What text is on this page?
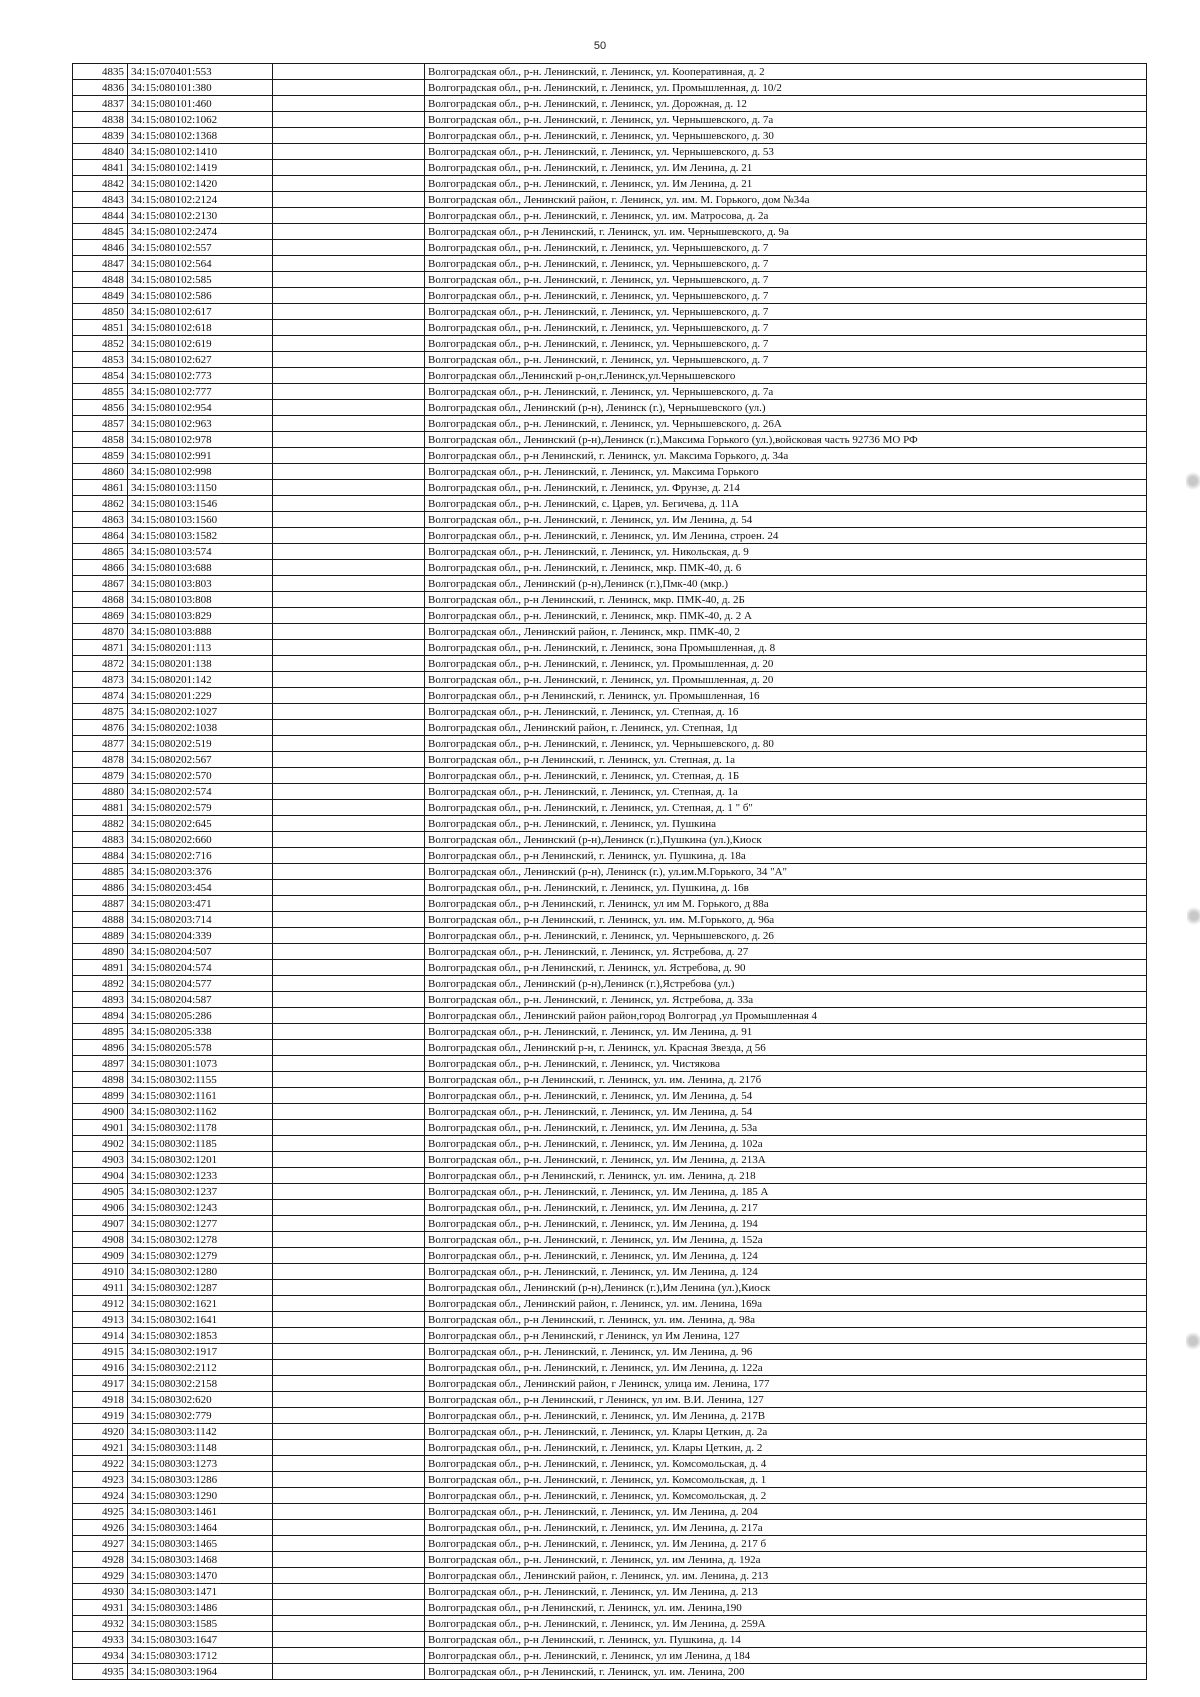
50
4835	34:15:070401:553		Волгоградская обл., р-н. Ленинский, г. Ленинск, ул. Кооперативная, д. 2
4836	34:15:080101:380		Волгоградская обл., р-н. Ленинский, г. Ленинск, ул. Промышленная, д. 10/2
4837	34:15:080101:460		Волгоградская обл., р-н. Ленинский, г. Ленинск, ул. Дорожная, д. 12
4838	34:15:080102:1062		Волгоградская обл., р-н. Ленинский, г. Ленинск, ул. Чернышевского, д. 7а
4839	34:15:080102:1368		Волгоградская обл., р-н. Ленинский, г. Ленинск, ул. Чернышевского, д. 30
4840	34:15:080102:1410		Волгоградская обл., р-н. Ленинский, г. Ленинск, ул. Чернышевского, д. 53
4841	34:15:080102:1419		Волгоградская обл., р-н. Ленинский, г. Ленинск, ул. Им Ленина, д. 21
4842	34:15:080102:1420		Волгоградская обл., р-н. Ленинский, г. Ленинск, ул. Им Ленина, д. 21
4843	34:15:080102:2124		Волгоградская обл., Ленинский район, г. Ленинск, ул. им. М. Горького, дом №34а
4844	34:15:080102:2130		Волгоградская обл., р-н. Ленинский, г. Ленинск, ул. им. Матросова, д. 2а
4845	34:15:080102:2474		Волгоградская обл., р-н Ленинский, г. Ленинск, ул. им. Чернышевского, д. 9а
4846	34:15:080102:557		Волгоградская обл., р-н. Ленинский, г. Ленинск, ул. Чернышевского, д. 7
4847	34:15:080102:564		Волгоградская обл., р-н. Ленинский, г. Ленинск, ул. Чернышевского, д. 7
4848	34:15:080102:585		Волгоградская обл., р-н. Ленинский, г. Ленинск, ул. Чернышевского, д. 7
4849	34:15:080102:586		Волгоградская обл., р-н. Ленинский, г. Ленинск, ул. Чернышевского, д. 7
4850	34:15:080102:617		Волгоградская обл., р-н. Ленинский, г. Ленинск, ул. Чернышевского, д. 7
4851	34:15:080102:618		Волгоградская обл., р-н. Ленинский, г. Ленинск, ул. Чернышевского, д. 7
4852	34:15:080102:619		Волгоградская обл., р-н. Ленинский, г. Ленинск, ул. Чернышевского, д. 7
4853	34:15:080102:627		Волгоградская обл., р-н. Ленинский, г. Ленинск, ул. Чернышевского, д. 7
4854	34:15:080102:773		Волгоградская обл.,Ленинский р-он,г.Ленинск,ул.Чернышевского
4855	34:15:080102:777		Волгоградская обл., р-н. Ленинский, г. Ленинск, ул. Чернышевского, д. 7а
4856	34:15:080102:954		Волгоградская обл., Ленинский (р-н), Ленинск (г.), Чернышевского (ул.)
4857	34:15:080102:963		Волгоградская обл., р-н. Ленинский, г. Ленинск, ул. Чернышевского, д. 26А
4858	34:15:080102:978		Волгоградская обл., Ленинский (р-н),Ленинск (г.),Максима Горького (ул.),войсковая часть 92736 МО РФ
4859	34:15:080102:991		Волгоградская обл., р-н Ленинский, г. Ленинск, ул. Максима Горького, д. 34а
4860	34:15:080102:998		Волгоградская обл., р-н. Ленинский, г. Ленинск, ул. Максима Горького
4861	34:15:080103:1150		Волгоградская обл., р-н. Ленинский, г. Ленинск, ул. Фрунзе, д. 214
4862	34:15:080103:1546		Волгоградская обл., р-н. Ленинский, с. Царев, ул. Бегичева, д. 11А
4863	34:15:080103:1560		Волгоградская обл., р-н. Ленинский, г. Ленинск, ул. Им Ленина, д. 54
4864	34:15:080103:1582		Волгоградская обл., р-н. Ленинский, г. Ленинск, ул. Им Ленина, строен. 24
4865	34:15:080103:574		Волгоградская обл., р-н. Ленинский, г. Ленинск, ул. Никольская, д. 9
4866	34:15:080103:688		Волгоградская обл., р-н. Ленинский, г. Ленинск, мкр. ПМК-40, д. 6
4867	34:15:080103:803		Волгоградская обл., Ленинский (р-н),Ленинск (г.),Пмк-40 (мкр.)
4868	34:15:080103:808		Волгоградская обл., р-н Ленинский, г. Ленинск, мкр. ПМК-40, д. 2Б
4869	34:15:080103:829		Волгоградская обл., р-н. Ленинский, г. Ленинск, мкр. ПМК-40, д. 2 А
4870	34:15:080103:888		Волгоградская обл., Ленинский район, г. Ленинск, мкр. ПМК-40, 2
4871	34:15:080201:113		Волгоградская обл., р-н. Ленинский, г. Ленинск, зона Промышленная, д. 8
4872	34:15:080201:138		Волгоградская обл., р-н. Ленинский, г. Ленинск, ул. Промышленная, д. 20
4873	34:15:080201:142		Волгоградская обл., р-н. Ленинский, г. Ленинск, ул. Промышленная, д. 20
4874	34:15:080201:229		Волгоградская обл., р-н Ленинский, г. Ленинск, ул. Промышленная, 16
4875	34:15:080202:1027		Волгоградская обл., р-н. Ленинский, г. Ленинск, ул. Степная, д. 16
4876	34:15:080202:1038		Волгоградская обл., Ленинский район, г. Ленинск, ул. Степная, 1д
4877	34:15:080202:519		Волгоградская обл., р-н. Ленинский, г. Ленинск, ул. Чернышевского, д. 80
4878	34:15:080202:567		Волгоградская обл., р-н Ленинский, г. Ленинск, ул. Степная, д. 1а
4879	34:15:080202:570		Волгоградская обл., р-н. Ленинский, г. Ленинск, ул. Степная, д. 1Б
4880	34:15:080202:574		Волгоградская обл., р-н. Ленинский, г. Ленинск, ул. Степная, д. 1а
4881	34:15:080202:579		Волгоградская обл., р-н. Ленинский, г. Ленинск, ул. Степная, д. 1 " б"
4882	34:15:080202:645		Волгоградская обл., р-н. Ленинский, г. Ленинск, ул. Пушкина
4883	34:15:080202:660		Волгоградская обл., Ленинский (р-н),Ленинск (г.),Пушкина (ул.),Киоск
4884	34:15:080202:716		Волгоградская обл., р-н Ленинский, г. Ленинск, ул. Пушкина, д. 18а
4885	34:15:080203:376		Волгоградская обл., Ленинский (р-н), Ленинск (г.), ул.им.М.Горького, 34 "А"
4886	34:15:080203:454		Волгоградская обл., р-н. Ленинский, г. Ленинск, ул. Пушкина, д. 16в
4887	34:15:080203:471		Волгоградская обл., р-н Ленинский, г. Ленинск, ул им М. Горького, д 88а
4888	34:15:080203:714		Волгоградская обл., р-н Ленинский, г. Ленинск, ул. им. М.Горького, д. 96а
4889	34:15:080204:339		Волгоградская обл., р-н. Ленинский, г. Ленинск, ул. Чернышевского, д. 26
4890	34:15:080204:507		Волгоградская обл., р-н. Ленинский, г. Ленинск, ул. Ястребова, д. 27
4891	34:15:080204:574		Волгоградская обл., р-н Ленинский, г. Ленинск, ул. Ястребова, д. 90
4892	34:15:080204:577		Волгоградская обл., Ленинский (р-н),Ленинск (г.),Ястребова (ул.)
4893	34:15:080204:587		Волгоградская обл., р-н. Ленинский, г. Ленинск, ул. Ястребова, д. 33а
4894	34:15:080205:286		Волгоградская обл., Ленинский район район,город Волгоград ,ул Промышленная 4
4895	34:15:080205:338		Волгоградская обл., р-н. Ленинский, г. Ленинск, ул. Им Ленина, д. 91
4896	34:15:080205:578		Волгоградская обл., Ленинский р-н, г. Ленинск, ул. Красная Звезда, д 56
4897	34:15:080301:1073		Волгоградская обл., р-н. Ленинский, г. Ленинск, ул. Чистякова
4898	34:15:080302:1155		Волгоградская обл., р-н Ленинский, г. Ленинск, ул. им. Ленина, д. 217б
4899	34:15:080302:1161		Волгоградская обл., р-н. Ленинский, г. Ленинск, ул. Им Ленина, д. 54
4900	34:15:080302:1162		Волгоградская обл., р-н. Ленинский, г. Ленинск, ул. Им Ленина, д. 54
4901	34:15:080302:1178		Волгоградская обл., р-н. Ленинский, г. Ленинск, ул. Им Ленина, д. 53а
4902	34:15:080302:1185		Волгоградская обл., р-н. Ленинский, г. Ленинск, ул. Им Ленина, д. 102а
4903	34:15:080302:1201		Волгоградская обл., р-н. Ленинский, г. Ленинск, ул. Им Ленина, д. 213А
4904	34:15:080302:1233		Волгоградская обл., р-н Ленинский, г. Ленинск, ул. им. Ленина, д. 218
4905	34:15:080302:1237		Волгоградская обл., р-н. Ленинский, г. Ленинск, ул. Им Ленина, д. 185 А
4906	34:15:080302:1243		Волгоградская обл., р-н. Ленинский, г. Ленинск, ул. Им Ленина, д. 217
4907	34:15:080302:1277		Волгоградская обл., р-н. Ленинский, г. Ленинск, ул. Им Ленина, д. 194
4908	34:15:080302:1278		Волгоградская обл., р-н. Ленинский, г. Ленинск, ул. Им Ленина, д. 152а
4909	34:15:080302:1279		Волгоградская обл., р-н. Ленинский, г. Ленинск, ул. Им Ленина, д. 124
4910	34:15:080302:1280		Волгоградская обл., р-н. Ленинский, г. Ленинск, ул. Им Ленина, д. 124
4911	34:15:080302:1287		Волгоградская обл., Ленинский (р-н),Ленинск (г.),Им Ленина (ул.),Киоск
4912	34:15:080302:1621		Волгоградская обл., Ленинский район, г. Ленинск, ул. им. Ленина, 169а
4913	34:15:080302:1641		Волгоградская обл., р-н Ленинский, г. Ленинск, ул. им. Ленина, д. 98а
4914	34:15:080302:1853		Волгоградская обл., р-н Ленинский, г Ленинск, ул Им Ленина, 127
4915	34:15:080302:1917		Волгоградская обл., р-н. Ленинский, г. Ленинск, ул. Им Ленина, д. 96
4916	34:15:080302:2112		Волгоградская обл., р-н. Ленинский, г. Ленинск, ул. Им Ленина, д. 122а
4917	34:15:080302:2158		Волгоградская обл., Ленинский район, г Ленинск, улица им. Ленина, 177
4918	34:15:080302:620		Волгоградская обл., р-н Ленинский, г Ленинск, ул им. В.И. Ленина, 127
4919	34:15:080302:779		Волгоградская обл., р-н. Ленинский, г. Ленинск, ул. Им Ленина, д. 217В
4920	34:15:080303:1142		Волгоградская обл., р-н. Ленинский, г. Ленинск, ул. Клары Цеткин, д. 2а
4921	34:15:080303:1148		Волгоградская обл., р-н. Ленинский, г. Ленинск, ул. Клары Цеткин, д. 2
4922	34:15:080303:1273		Волгоградская обл., р-н. Ленинский, г. Ленинск, ул. Комсомольская, д. 4
4923	34:15:080303:1286		Волгоградская обл., р-н. Ленинский, г. Ленинск, ул. Комсомольская, д. 1
4924	34:15:080303:1290		Волгоградская обл., р-н. Ленинский, г. Ленинск, ул. Комсомольская, д. 2
4925	34:15:080303:1461		Волгоградская обл., р-н. Ленинский, г. Ленинск, ул. Им Ленина, д. 204
4926	34:15:080303:1464		Волгоградская обл., р-н. Ленинский, г. Ленинск, ул. Им Ленина, д. 217а
4927	34:15:080303:1465		Волгоградская обл., р-н. Ленинский, г. Ленинск, ул. Им Ленина, д. 217 б
4928	34:15:080303:1468		Волгоградская обл., р-н. Ленинский, г. Ленинск, ул. им Ленина, д. 192а
4929	34:15:080303:1470		Волгоградская обл., Ленинский район, г. Ленинск, ул. им. Ленина, д. 213
4930	34:15:080303:1471		Волгоградская обл., р-н. Ленинский, г. Ленинск, ул. Им Ленина, д. 213
4931	34:15:080303:1486		Волгоградская обл., р-н Ленинский, г. Ленинск, ул. им. Ленина,190
4932	34:15:080303:1585		Волгоградская обл., р-н. Ленинский, г. Ленинск, ул. Им Ленина, д. 259А
4933	34:15:080303:1647		Волгоградская обл., р-н Ленинский, г. Ленинск, ул. Пушкина, д. 14
4934	34:15:080303:1712		Волгоградская обл., р-н. Ленинский, г. Ленинск, ул им Ленина, д 184
4935	34:15:080303:1964		Волгоградская обл., р-н Ленинский, г. Ленинск, ул. им. Ленина, 200
